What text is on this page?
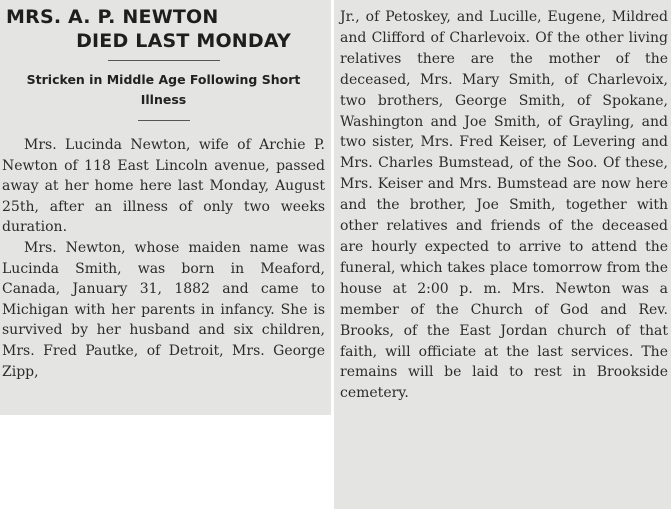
MRS. A. P. NEWTON
DIED LAST MONDAY
Stricken in Middle Age Following Short Illness

Mrs. Lucinda Newton, wife of Archie P. Newton of 118 East Lincoln avenue, passed away at her home here last Monday, August 25th, after an illness of only two weeks duration.

Mrs. Newton, whose maiden name was Lucinda Smith, was born in Meaford, Canada, January 31, 1882 and came to Michigan with her parents in infancy. She is survived by her husband and six children, Mrs. Fred Pautke, of Detroit, Mrs. George Zipp,

Jr., of Petoskey, and Lucille, Eugene, Mildred and Clifford of Charlevoix. Of the other living relatives there are the mother of the deceased, Mrs. Mary Smith, of Charlevoix, two brothers, George Smith, of Spokane, Washington and Joe Smith, of Grayling, and two sister, Mrs. Fred Keiser, of Levering and Mrs. Charles Bumstead, of the Soo. Of these, Mrs. Keiser and Mrs. Bumstead are now here and the brother, Joe Smith, together with other relatives and friends of the deceased are hourly expected to arrive to attend the funeral, which takes place tomorrow from the house at 2:00 p. m. Mrs. Newton was a member of the Church of God and Rev. Brooks, of the East Jordan church of that faith, will officiate at the last services. The remains will be laid to rest in Brookside cemetery.
